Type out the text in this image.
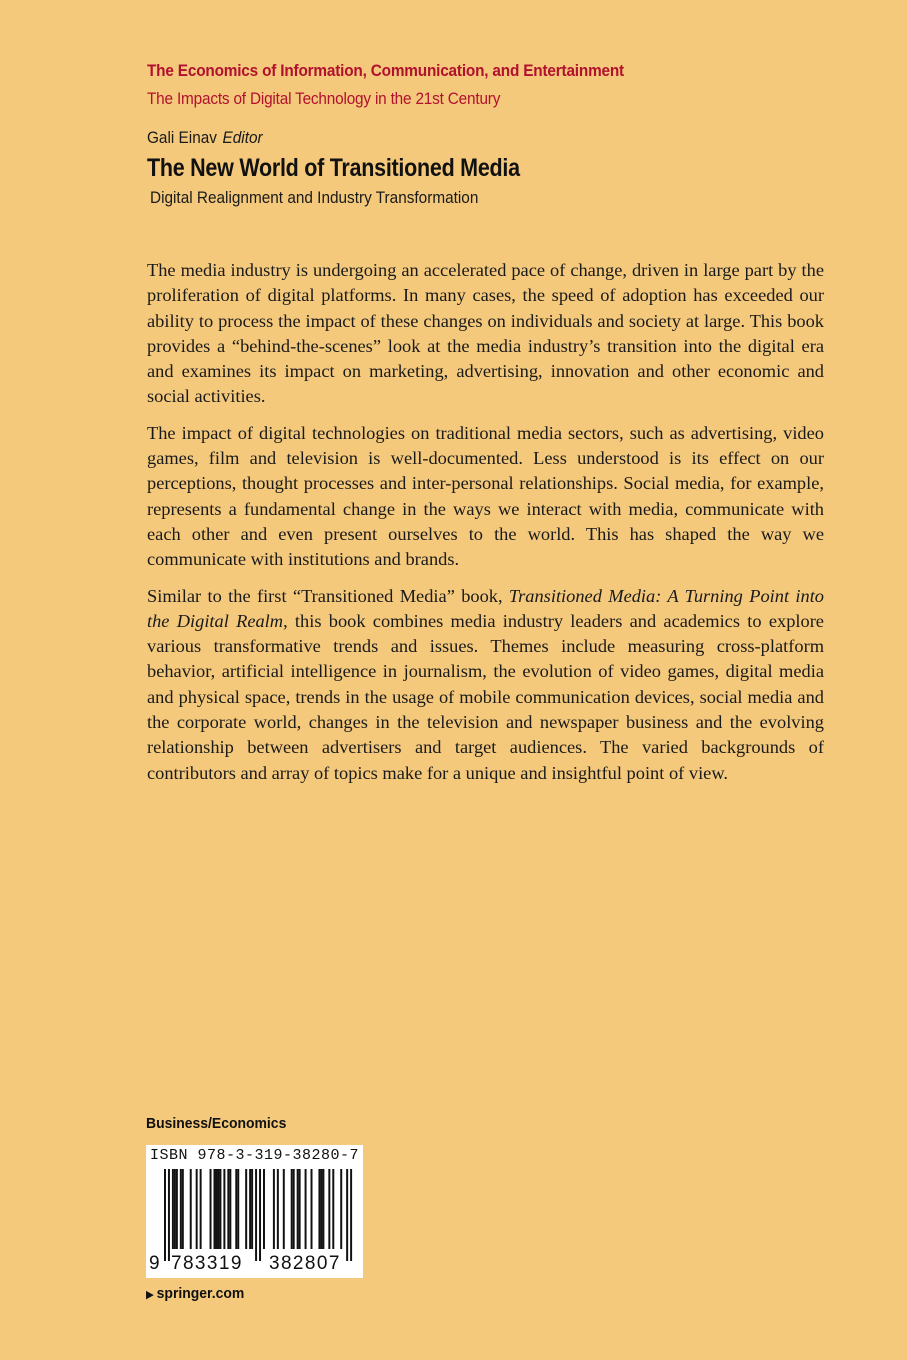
The Economics of Information, Communication, and Entertainment
The Impacts of Digital Technology in the 21st Century
Gali Einav Editor
The New World of Transitioned Media
Digital Realignment and Industry Transformation

The media industry is undergoing an accelerated pace of change, driven in large part by the proliferation of digital platforms. In many cases, the speed of adoption has exceeded our ability to process the impact of these changes on individuals and society at large. This book provides a “behind-the-scenes” look at the media industry’s transition into the digital era and examines its impact on marketing, advertising, innovation and other economic and social activities.

The impact of digital technologies on traditional media sectors, such as advertising, video games, film and television is well-documented. Less understood is its effect on our perceptions, thought processes and inter-personal relationships. Social media, for example, represents a fundamental change in the ways we interact with media, communicate with each other and even present ourselves to the world. This has shaped the way we communicate with institutions and brands.

Similar to the first “Transitioned Media” book, Transitioned Media: A Turning Point into the Digital Realm, this book combines media industry leaders and academics to explore various transformative trends and issues. Themes include measuring cross-platform behavior, artificial intelligence in journalism, the evolution of video games, digital media and physical space, trends in the usage of mobile communication devices, social media and the corporate world, changes in the television and newspaper business and the evolving relationship between advertisers and target audiences. The varied backgrounds of contributors and array of topics make for a unique and insightful point of view.

Business/Economics
ISBN 978-3-319-38280-7
9 783319 382807
▶ springer.com
